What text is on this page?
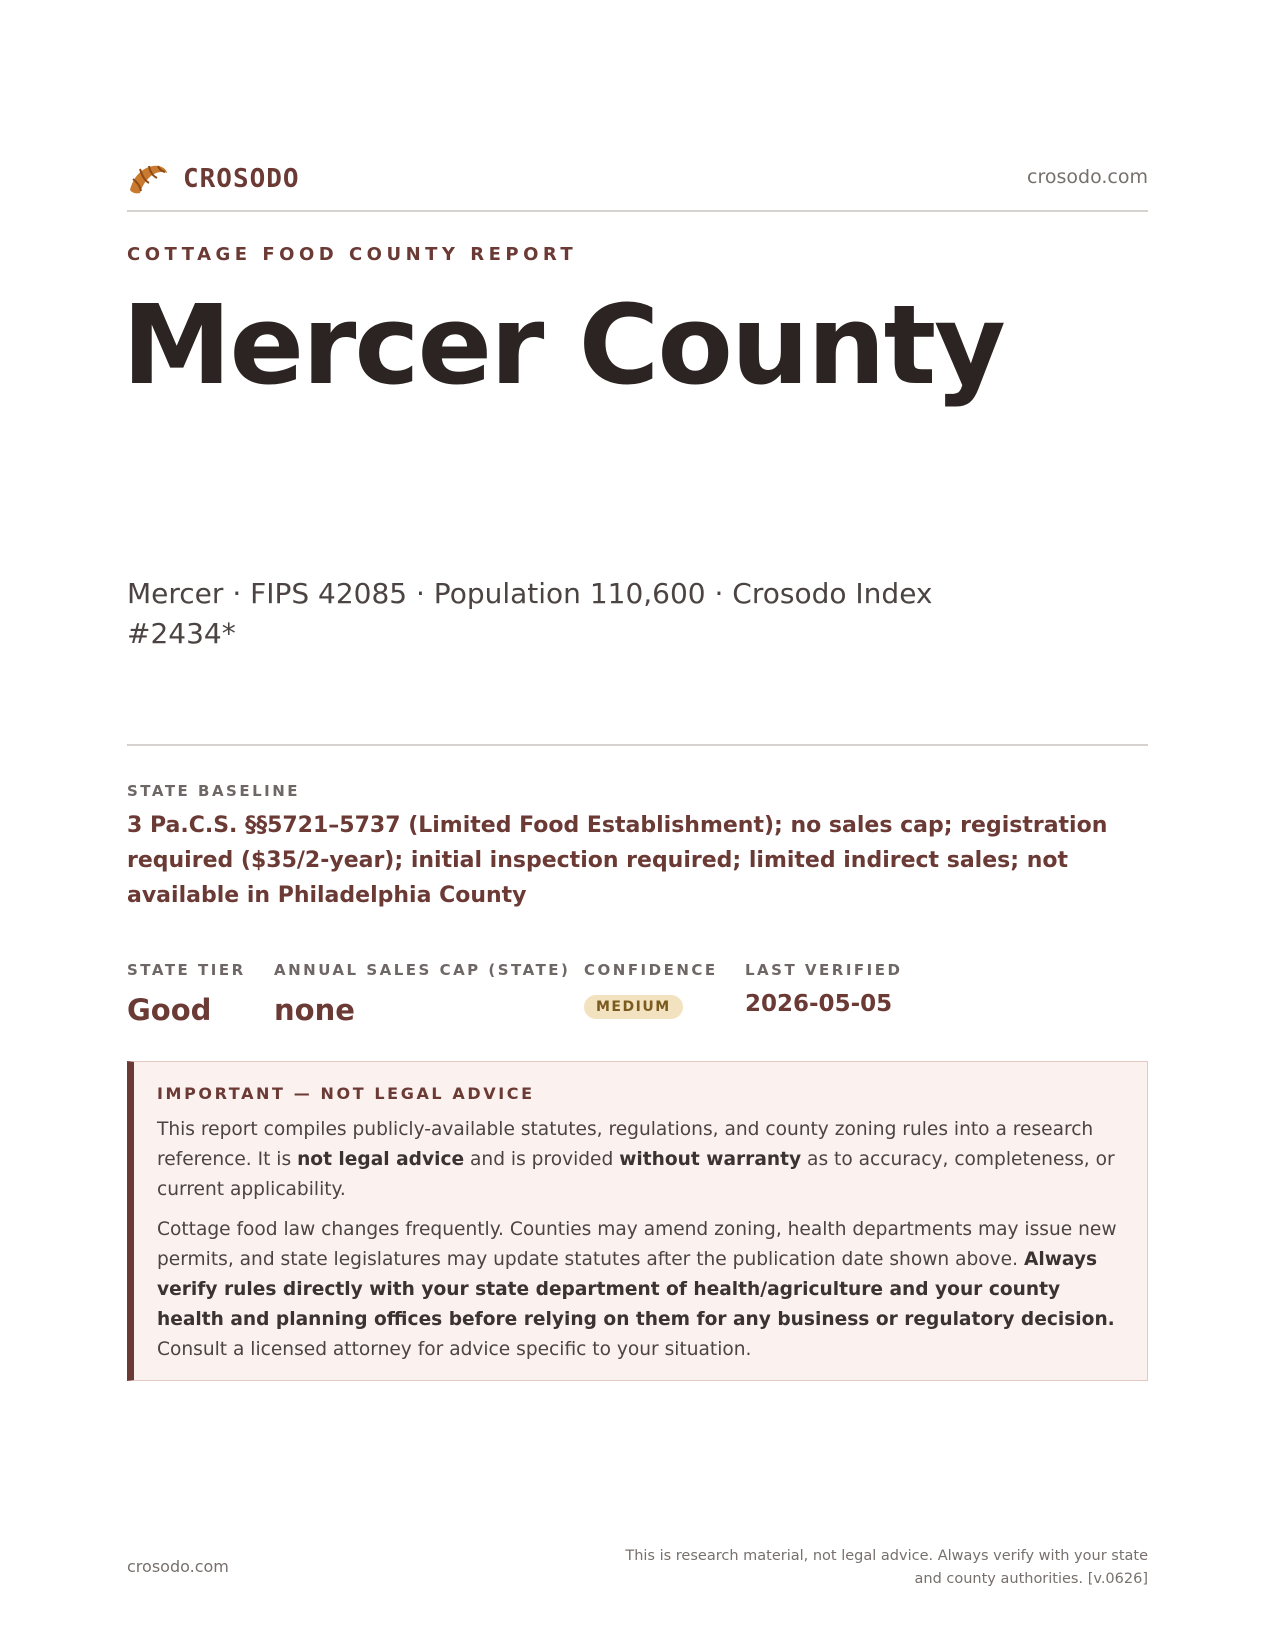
CROSODO	crosodo.com
COTTAGE FOOD COUNTY REPORT
Mercer County
Mercer · FIPS 42085 · Population 110,600 · Crosodo Index #2434*
STATE BASELINE
3 Pa.C.S. §§5721–5737 (Limited Food Establishment); no sales cap; registration required ($35/2-year); initial inspection required; limited indirect sales; not available in Philadelphia County
STATE TIER
Good
ANNUAL SALES CAP (STATE)
none
CONFIDENCE
MEDIUM
LAST VERIFIED
2026-05-05
IMPORTANT — NOT LEGAL ADVICE

This report compiles publicly-available statutes, regulations, and county zoning rules into a research reference. It is not legal advice and is provided without warranty as to accuracy, completeness, or current applicability.

Cottage food law changes frequently. Counties may amend zoning, health departments may issue new permits, and state legislatures may update statutes after the publication date shown above. Always verify rules directly with your state department of health/agriculture and your county health and planning offices before relying on them for any business or regulatory decision. Consult a licensed attorney for advice specific to your situation.

crosodo.com
This is research material, not legal advice. Always verify with your state
and county authorities. [v.0626]
